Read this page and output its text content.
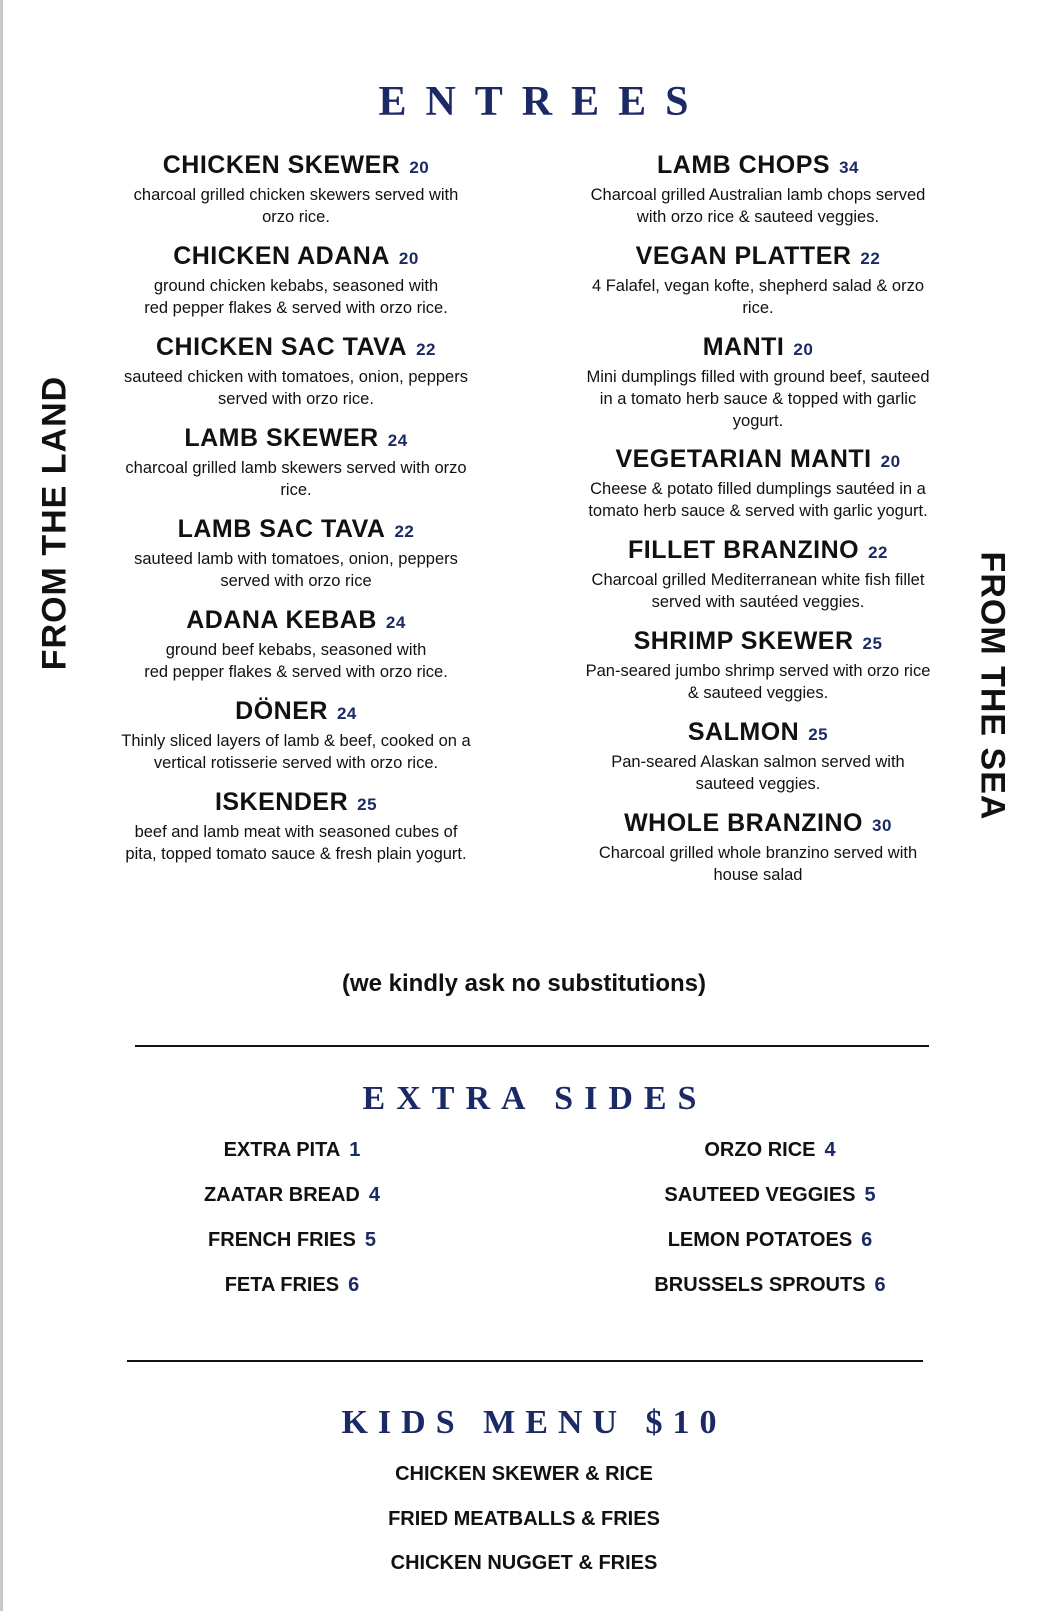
ENTREES
FROM THE LAND
FROM THE SEA
CHICKEN SKEWER 20
charcoal grilled chicken skewers served with
orzo rice.
CHICKEN ADANA 20
ground chicken kebabs, seasoned with
red pepper flakes & served with orzo rice.
CHICKEN SAC TAVA 22
sauteed chicken with tomatoes, onion, peppers
served with orzo rice.
LAMB SKEWER 24
charcoal grilled lamb skewers served with orzo
rice.
LAMB SAC TAVA 22
sauteed lamb with tomatoes, onion, peppers
served with orzo rice
ADANA KEBAB 24
ground beef kebabs, seasoned with
red pepper flakes & served with orzo rice.
DÖNER 24
Thinly sliced layers of lamb & beef, cooked on a
vertical rotisserie served with orzo rice.
ISKENDER 25
beef and lamb meat with seasoned cubes of
pita, topped tomato sauce & fresh plain yogurt.
LAMB CHOPS 34
Charcoal grilled Australian lamb chops served
with orzo rice & sauteed veggies.
VEGAN PLATTER 22
4 Falafel, vegan kofte, shepherd salad & orzo
rice.
MANTI 20
Mini dumplings filled with ground beef, sauteed
in a tomato herb sauce & topped with garlic
yogurt.
VEGETARIAN MANTI 20
Cheese & potato filled dumplings sautéed in a
tomato herb sauce & served with garlic yogurt.
FILLET BRANZINO 22
Charcoal grilled Mediterranean white fish fillet
served with sautéed veggies.
SHRIMP SKEWER 25
Pan-seared jumbo shrimp served with orzo rice
& sauteed veggies.
SALMON 25
Pan-seared Alaskan salmon served with
sauteed veggies.
WHOLE BRANZINO 30
Charcoal grilled whole branzino served with
house salad
(we kindly ask no substitutions)
EXTRA SIDES
EXTRA PITA 1
ZAATAR BREAD 4
FRENCH FRIES 5
FETA FRIES 6
ORZO RICE 4
SAUTEED VEGGIES 5
LEMON POTATOES 6
BRUSSELS SPROUTS 6
KIDS MENU $10
CHICKEN SKEWER & RICE
FRIED MEATBALLS & FRIES
CHICKEN NUGGET & FRIES
